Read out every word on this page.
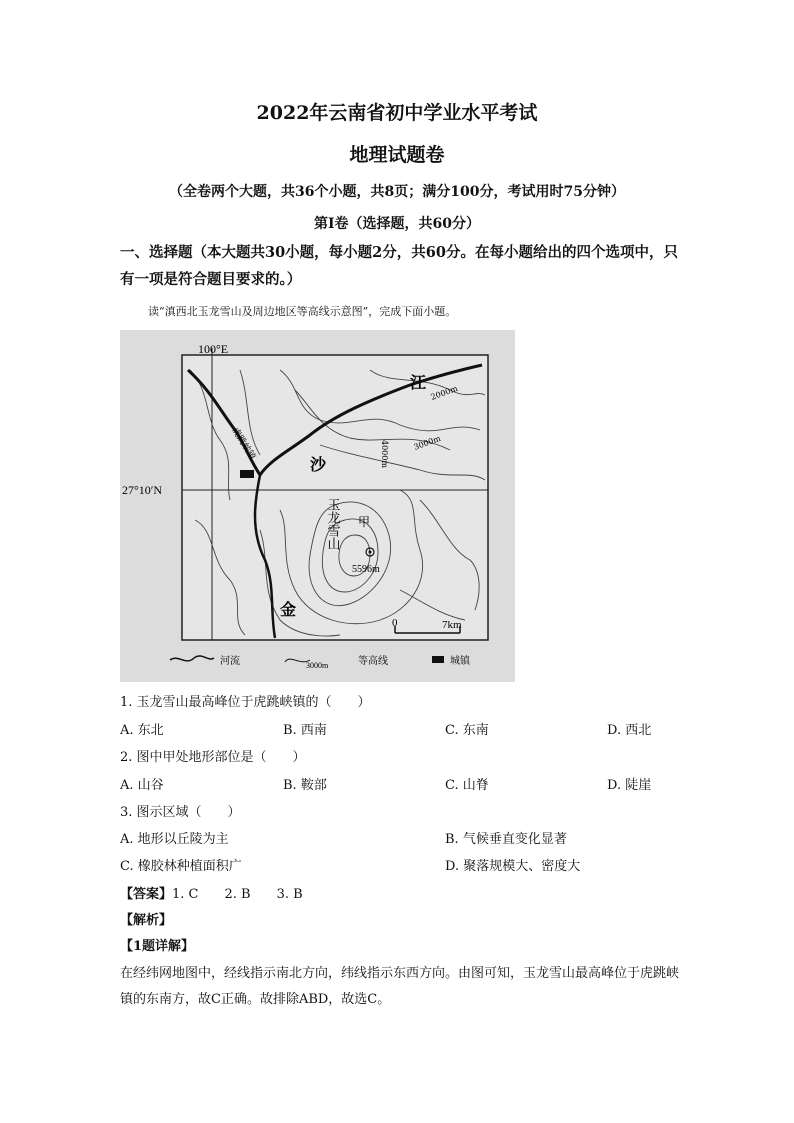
2022年云南省初中学业水平考试
地理试题卷
（全卷两个大题，共36个小题，共8页；满分100分，考试用时75分钟）
第Ⅰ卷（选择题，共60分）
一、选择题（本大题共30小题，每小题2分，共60分。在每小题给出的四个选项中，只有一项是符合题目要求的。）
读“滇西北玉龙雪山及周边地区等高线示意图”，完成下面小题。
100°E
27°10′N
江
沙
金
虎跳峡镇
玉龙雪山 甲
5596m
4000m	3000m
2000m
0	7km
河流	3000m	等高线	城镇
1. 玉龙雪山最高峰位于虎跳峡镇的（　　）
A. 东北	B. 西南	C. 东南	D. 西北
2. 图中甲处地形部位是（　　）
A. 山谷	B. 鞍部	C. 山脊	D. 陡崖
3. 图示区域（　　）
A. 地形以丘陵为主	B. 气候垂直变化显著
C. 橡胶林种植面积广	D. 聚落规模大、密度大
【答案】1. C　　2. B　　3. B
【解析】
【1题详解】
在经纬网地图中，经线指示南北方向，纬线指示东西方向。由图可知，玉龙雪山最高峰位于虎跳峡镇的东南方，故C正确。故排除ABD，故选C。
